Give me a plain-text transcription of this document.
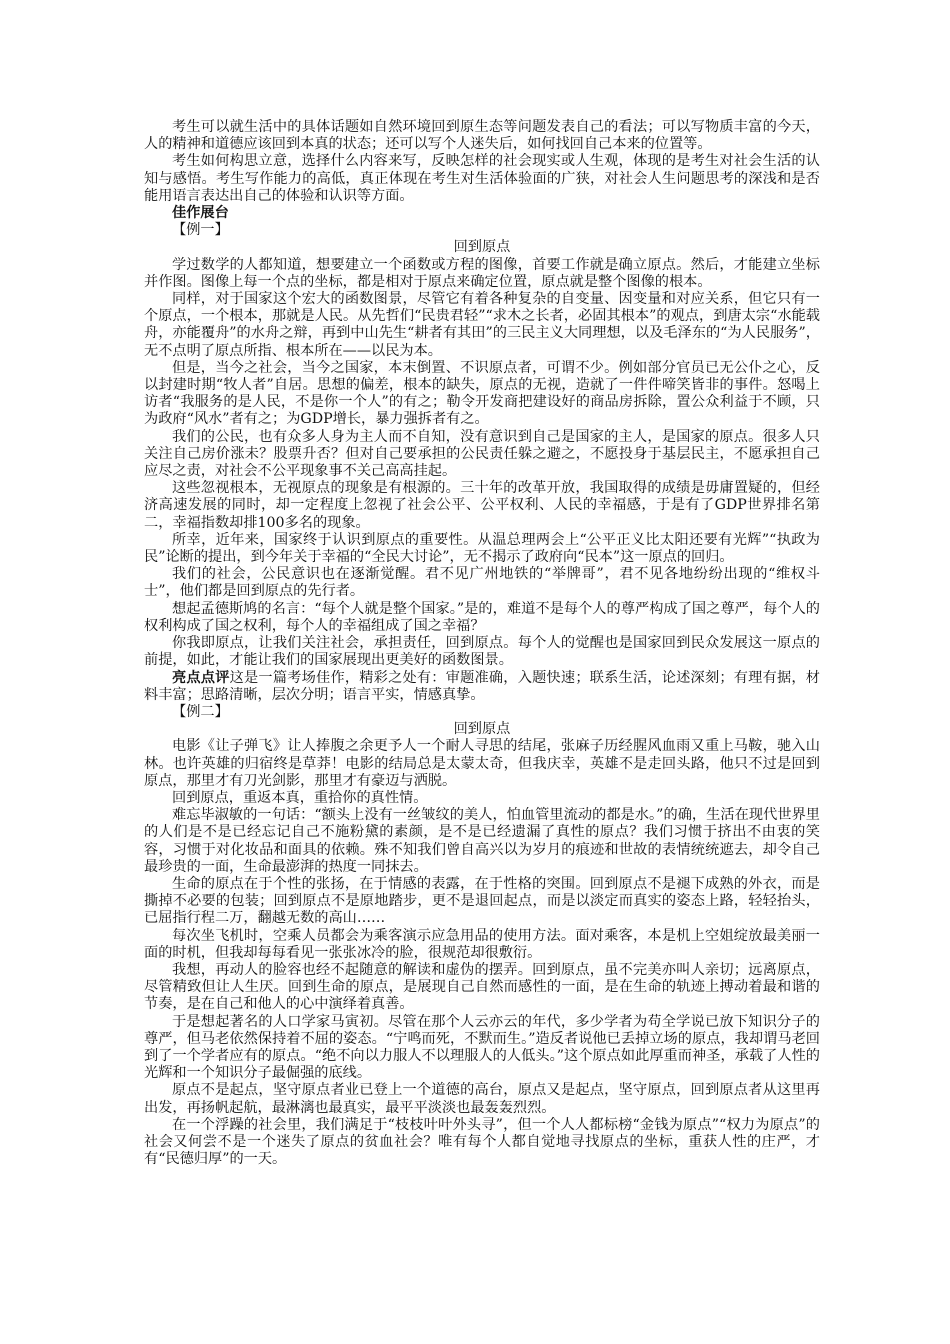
考生可以就生活中的具体话题如自然环境回到原生态等问题发表自己的看法；可以写物质丰富的今天，人的精神和道德应该回到本真的状态；还可以写个人迷失后，如何找回自己本来的位置等。

考生如何构思立意，选择什么内容来写，反映怎样的社会现实或人生观，体现的是考生对社会生活的认知与感悟。考生写作能力的高低，真正体现在考生对生活体验面的广狭，对社会人生问题思考的深浅和是否能用语言表达出自己的体验和认识等方面。

佳作展台

【例一】

回到原点

学过数学的人都知道，想要建立一个函数或方程的图像，首要工作就是确立原点。然后，才能建立坐标并作图。图像上每一个点的坐标，都是相对于原点来确定位置，原点就是整个图像的根本。

同样，对于国家这个宏大的函数图景，尽管它有着各种复杂的自变量、因变量和对应关系，但它只有一个原点，一个根本，那就是人民。从先哲们“民贵君轻”“求木之长者，必固其根本”的观点，到唐太宗“水能载舟，亦能覆舟”的水舟之辩，再到中山先生“耕者有其田”的三民主义大同理想，以及毛泽东的“为人民服务”，无不点明了原点所指、根本所在——以民为本。

但是，当今之社会，当今之国家，本末倒置、不识原点者，可谓不少。例如部分官员已无公仆之心，反以封建时期“牧人者”自居。思想的偏差，根本的缺失，原点的无视，造就了一件件啼笑皆非的事件。怒喝上访者“我服务的是人民，不是你一个人”的有之；勒令开发商把建设好的商品房拆除，置公众利益于不顾，只为政府“风水”者有之；为GDP增长，暴力强拆者有之。

我们的公民，也有众多人身为主人而不自知，没有意识到自己是国家的主人，是国家的原点。很多人只关注自己房价涨未？股票升否？但对自己要承担的公民责任躲之避之，不愿投身于基层民主，不愿承担自己应尽之责，对社会不公平现象事不关己高高挂起。

这些忽视根本，无视原点的现象是有根源的。三十年的改革开放，我国取得的成绩是毋庸置疑的，但经济高速发展的同时，却一定程度上忽视了社会公平、公平权利、人民的幸福感，于是有了GDP世界排名第二，幸福指数却排100多名的现象。

所幸，近年来，国家终于认识到原点的重要性。从温总理两会上“公平正义比太阳还要有光辉”“执政为民”论断的提出，到今年关于幸福的“全民大讨论”，无不揭示了政府向“民本”这一原点的回归。

我们的社会，公民意识也在逐渐觉醒。君不见广州地铁的“举牌哥”，君不见各地纷纷出现的“维权斗士”，他们都是回到原点的先行者。

想起孟德斯鸠的名言：“每个人就是整个国家。”是的，难道不是每个人的尊严构成了国之尊严，每个人的权利构成了国之权利，每个人的幸福组成了国之幸福？

你我即原点，让我们关注社会，承担责任，回到原点。每个人的觉醒也是国家回到民众发展这一原点的前提，如此，才能让我们的国家展现出更美好的函数图景。

亮点点评这是一篇考场佳作，精彩之处有：审题准确，入题快速；联系生活，论述深刻；有理有据，材料丰富；思路清晰，层次分明；语言平实，情感真挚。

【例二】

回到原点

电影《让子弹飞》让人捧腹之余更予人一个耐人寻思的结尾，张麻子历经腥风血雨又重上马鞍，驰入山林。也许英雄的归宿终是草莽！电影的结局总是太蒙太奇，但我庆幸，英雄不是走回头路，他只不过是回到原点，那里才有刀光剑影，那里才有豪迈与洒脱。

回到原点，重返本真，重拾你的真性情。

难忘毕淑敏的一句话：“额头上没有一丝皱纹的美人，怕血管里流动的都是水。”的确，生活在现代世界里的人们是不是已经忘记自己不施粉黛的素颜，是不是已经遗漏了真性的原点？我们习惯于挤出不由衷的笑容，习惯于对化妆品和面具的依赖。殊不知我们曾自高兴以为岁月的痕迹和世故的表情统统遮去，却令自己最珍贵的一面，生命最澎湃的热度一同抹去。

生命的原点在于个性的张扬，在于情感的表露，在于性格的突围。回到原点不是褪下成熟的外衣，而是撕掉不必要的包装；回到原点不是原地踏步，更不是退回起点，而是以淡定而真实的姿态上路，轻轻抬头，已屈指行程二万，翻越无数的高山……

每次坐飞机时，空乘人员都会为乘客演示应急用品的使用方法。面对乘客，本是机上空姐绽放最美丽一面的时机，但我却每每看见一张张冰冷的脸，很规范却很敷衍。

我想，再动人的脸容也经不起随意的解读和虚伪的摆弄。回到原点，虽不完美亦叫人亲切；远离原点，尽管精致但让人生厌。回到生命的原点，是展现自己自然而感性的一面，是在生命的轨迹上搏动着最和谐的节奏，是在自己和他人的心中演绎着真善。

于是想起著名的人口学家马寅初。尽管在那个人云亦云的年代，多少学者为苟全学说已放下知识分子的尊严，但马老依然保持着不屈的姿态。“宁鸣而死，不默而生。”造反者说他已丢掉立场的原点，我却谓马老回到了一个学者应有的原点。“绝不向以力服人不以理服人的人低头。”这个原点如此厚重而神圣，承载了人性的光辉和一个知识分子最倔强的底线。

原点不是起点，坚守原点者业已登上一个道德的高台，原点又是起点，坚守原点，回到原点者从这里再出发，再扬帆起航，最淋漓也最真实，最平平淡淡也最轰轰烈烈。

在一个浮躁的社会里，我们满足于“枝枝叶叶外头寻”，但一个人人都标榜“金钱为原点”“权力为原点”的社会又何尝不是一个迷失了原点的贫血社会？唯有每个人都自觉地寻找原点的坐标，重获人性的庄严，才有“民德归厚”的一天。
